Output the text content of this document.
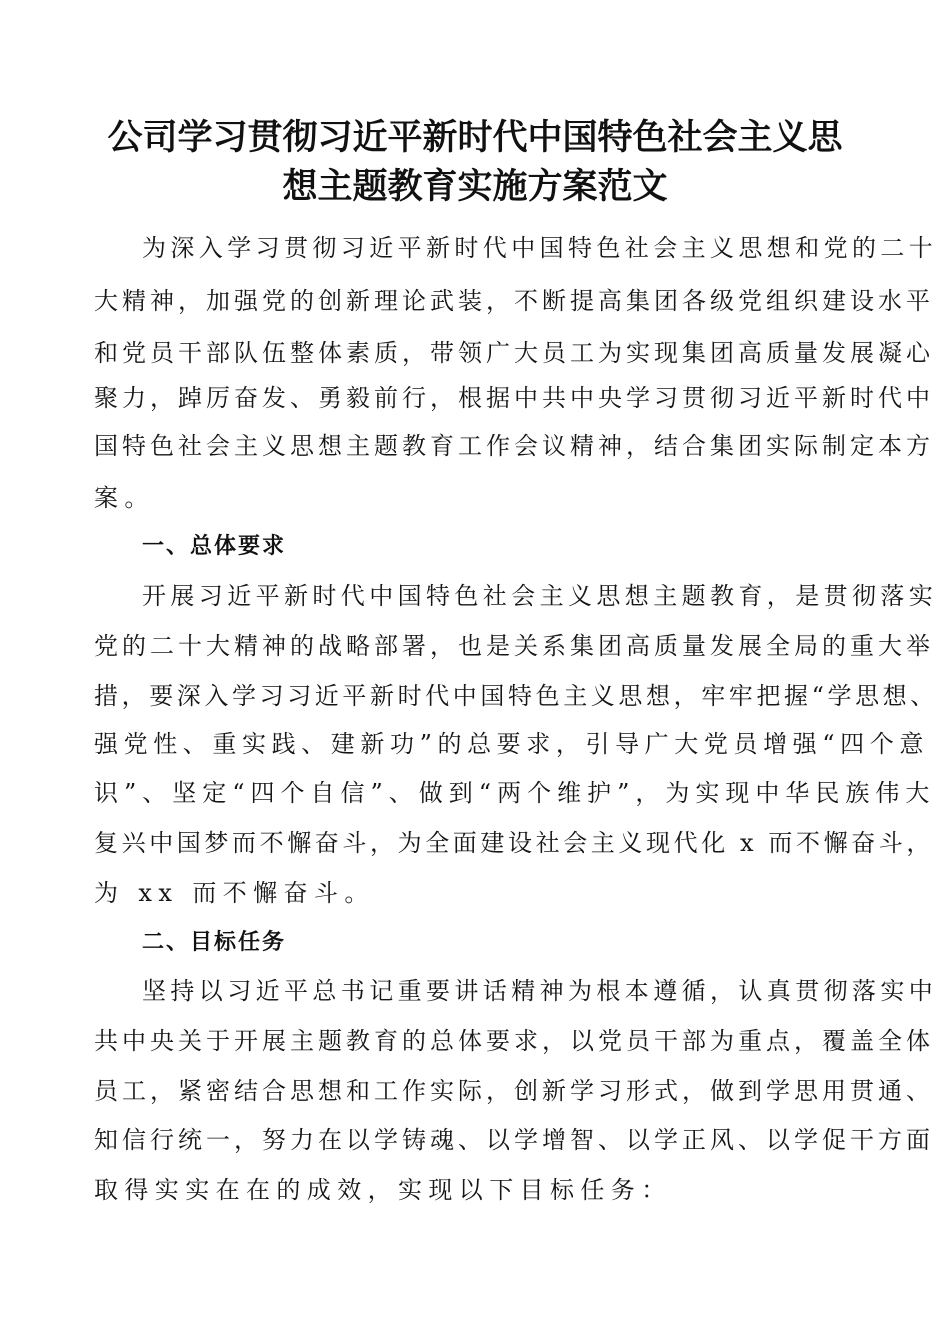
公司学习贯彻习近平新时代中国特色社会主义思
想主题教育实施方案范文
为深入学习贯彻习近平新时代中国特色社会主义思想和党的二十
大精神，加强党的创新理论武装，不断提高集团各级党组织建设水平
和党员干部队伍整体素质，带领广大员工为实现集团高质量发展凝心
聚力，踔厉奋发、勇毅前行，根据中共中央学习贯彻习近平新时代中
国特色社会主义思想主题教育工作会议精神，结合集团实际制定本方
案。
一、总体要求
开展习近平新时代中国特色社会主义思想主题教育，是贯彻落实
党的二十大精神的战略部署，也是关系集团高质量发展全局的重大举
措，要深入学习习近平新时代中国特色主义思想，牢牢把握“学思想、
强党性、重实践、建新功”的总要求，引导广大党员增强“四个意
识”、坚定“四个自信”、做到“两个维护”，为实现中华民族伟大
复兴中国梦而不懈奋斗，为全面建设社会主义现代化 x 而不懈奋斗，
为 xx 而不懈奋斗。
二、目标任务
坚持以习近平总书记重要讲话精神为根本遵循，认真贯彻落实中
共中央关于开展主题教育的总体要求，以党员干部为重点，覆盖全体
员工，紧密结合思想和工作实际，创新学习形式，做到学思用贯通、
知信行统一，努力在以学铸魂、以学增智、以学正风、以学促干方面
取得实实在在的成效，实现以下目标任务：
